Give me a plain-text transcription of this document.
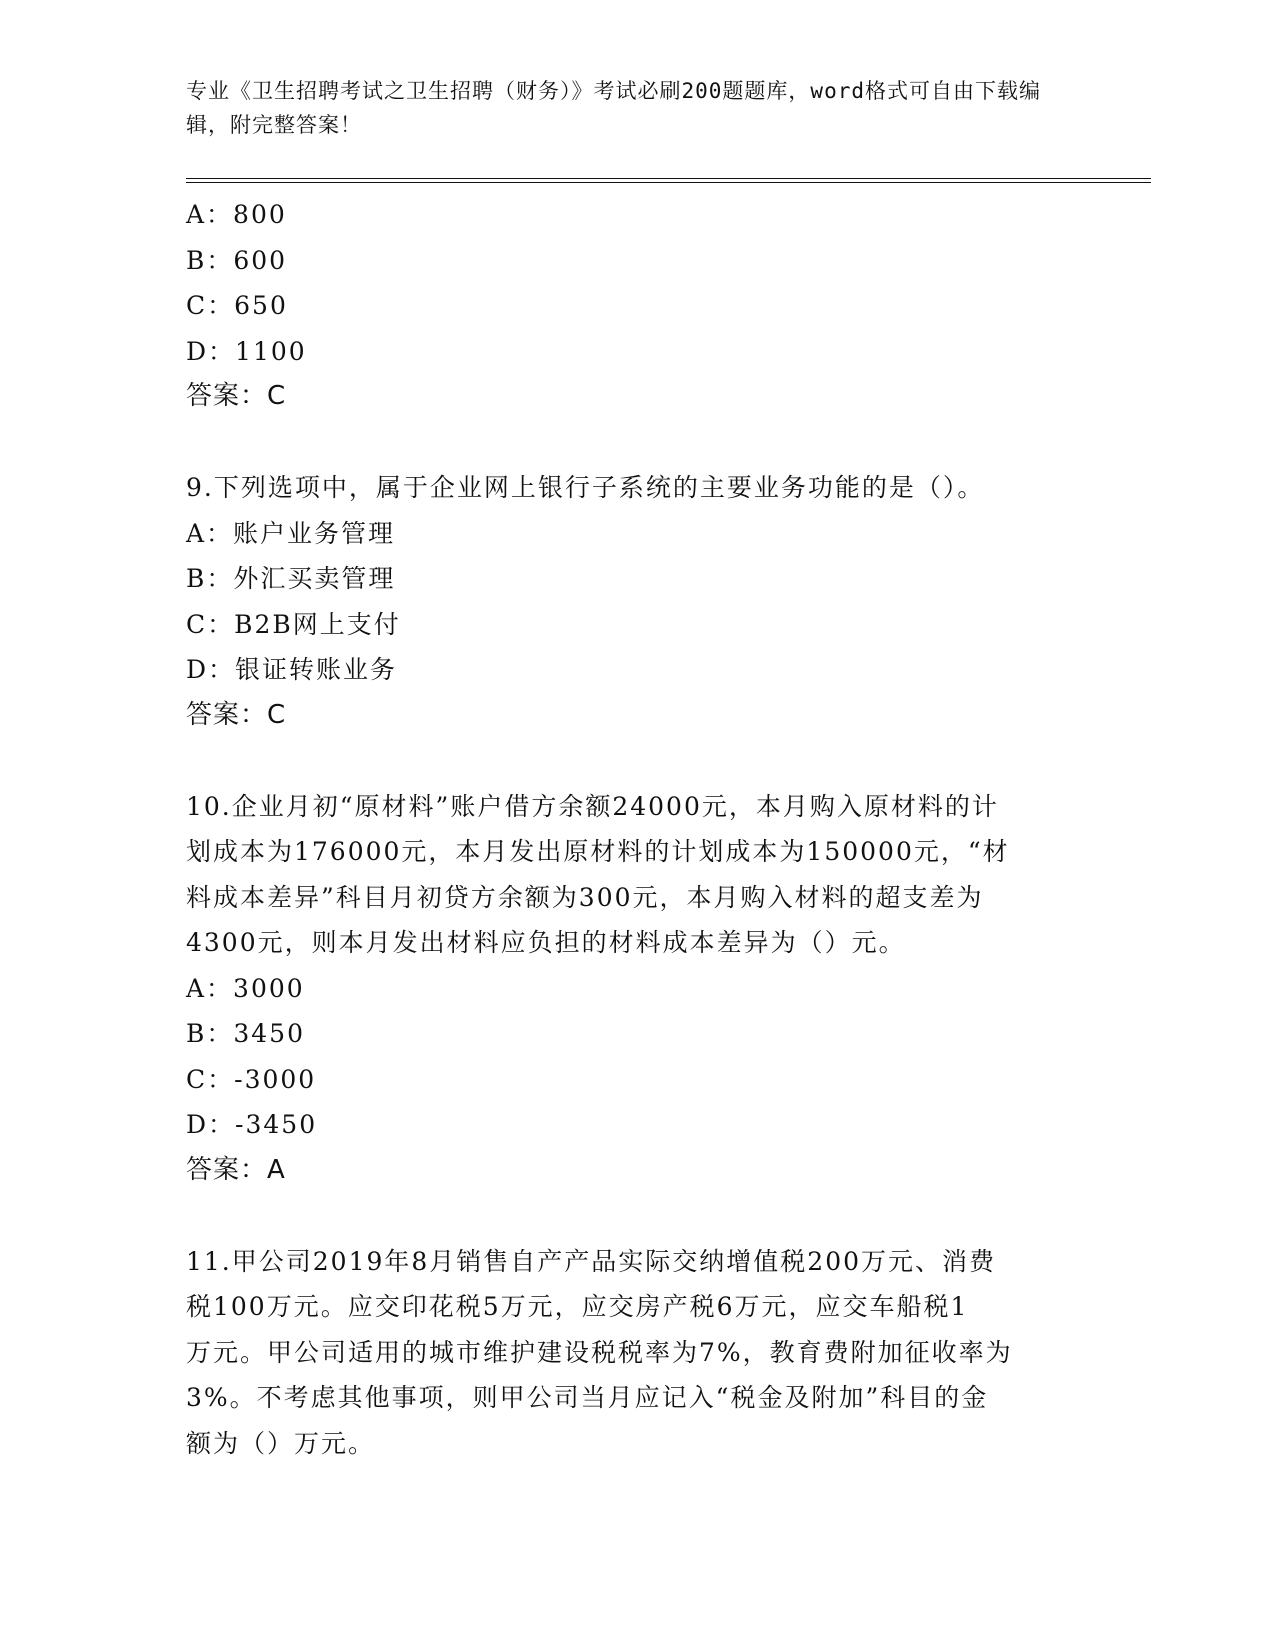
专业《卫生招聘考试之卫生招聘（财务）》考试必刷200题题库，word格式可自由下载编辑，附完整答案！
A：800
B：600
C：650
D：1100
答案：C
9.下列选项中，属于企业网上银行子系统的主要业务功能的是（）。
A：账户业务管理
B：外汇买卖管理
C：B2B网上支付
D：银证转账业务
答案：C
10.企业月初“原材料”账户借方余额24000元，本月购入原材料的计
划成本为176000元，本月发出原材料的计划成本为150000元，“材
料成本差异”科目月初贷方余额为300元，本月购入材料的超支差为
4300元，则本月发出材料应负担的材料成本差异为（）元。
A：3000
B：3450
C：-3000
D：-3450
答案：A
11.甲公司2019年8月销售自产产品实际交纳增值税200万元、消费
税100万元。应交印花税5万元，应交房产税6万元，应交车船税1
万元。甲公司适用的城市维护建设税税率为7%，教育费附加征收率为
3%。不考虑其他事项，则甲公司当月应记入“税金及附加”科目的金
额为（）万元。
